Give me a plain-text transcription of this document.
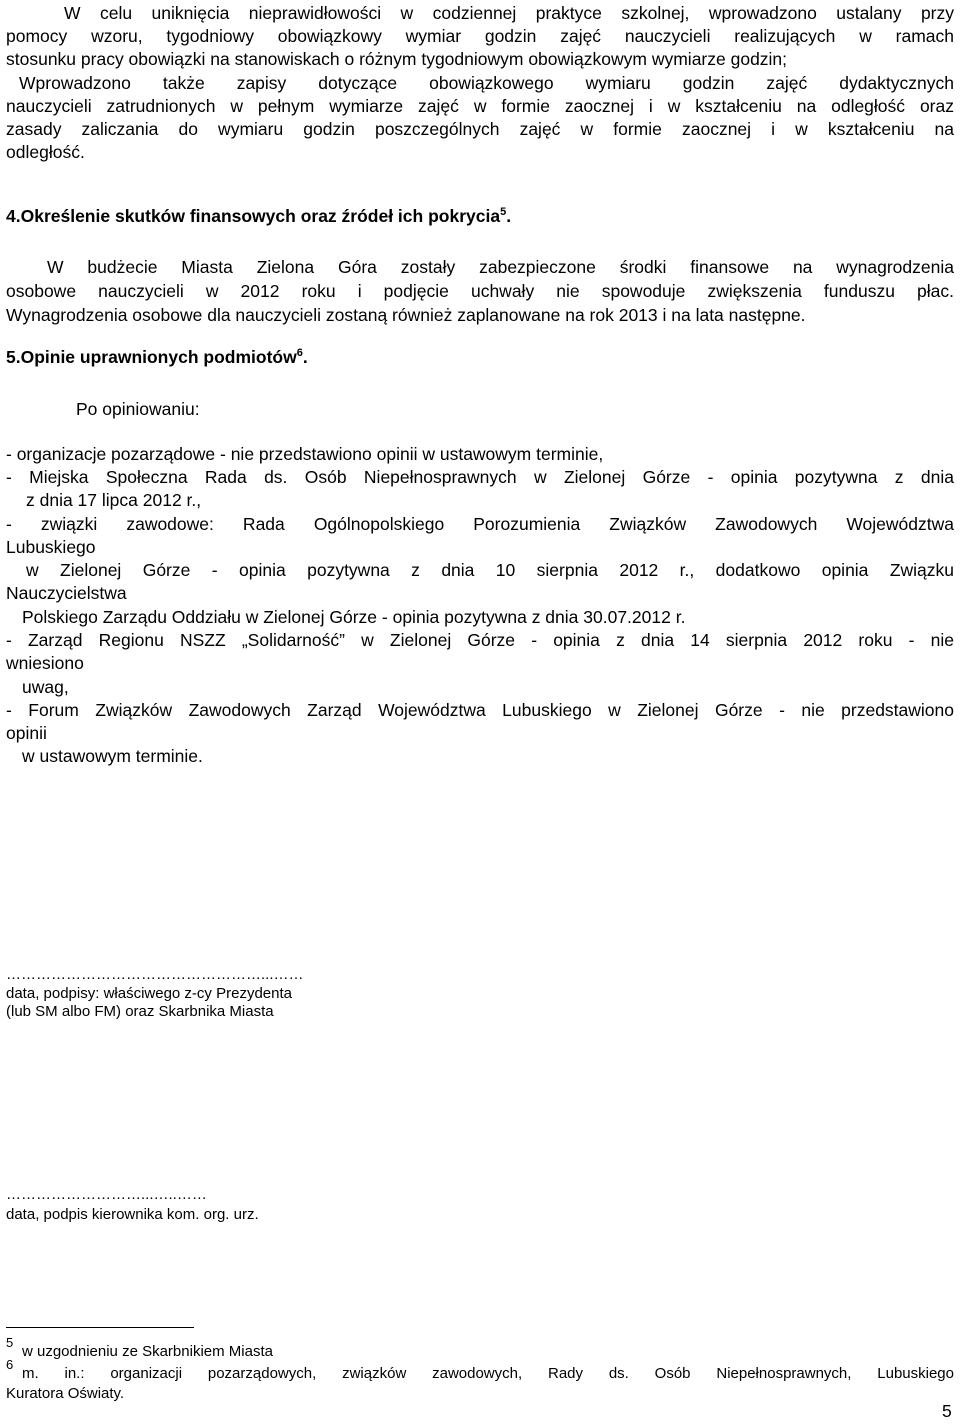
W celu uniknięcia nieprawidłowości w codziennej praktyce szkolnej, wprowadzono ustalany przy
pomocy wzoru, tygodniowy obowiązkowy wymiar godzin zajęć nauczycieli realizujących w ramach
stosunku pracy obowiązki na stanowiskach o różnym tygodniowym obowiązkowym wymiarze godzin;
Wprowadzono także zapisy dotyczące obowiązkowego wymiaru godzin zajęć dydaktycznych
nauczycieli zatrudnionych w pełnym wymiarze zajęć w formie zaocznej i w kształceniu na odległość oraz
zasady zaliczania do wymiaru godzin poszczególnych zajęć w formie zaocznej i w kształceniu na
odległość.
4.Określenie skutków finansowych oraz źródeł ich pokrycia$^5$.
W budżecie Miasta Zielona Góra zostały zabezpieczone środki finansowe na wynagrodzenia
osobowe nauczycieli w 2012 roku i podjęcie uchwały nie spowoduje zwiększenia funduszu płac.
Wynagrodzenia osobowe dla nauczycieli zostaną również zaplanowane na rok 2013 i na lata następne.
5.Opinie uprawnionych podmiotów$^6$.
Po opiniowaniu:
- organizacje pozarządowe - nie przedstawiono opinii w ustawowym terminie,
- Miejska Społeczna Rada ds. Osób Niepełnosprawnych w Zielonej Górze - opinia pozytywna z dnia
z dnia 17 lipca 2012 r.,
- związki zawodowe: Rada Ogólnopolskiego Porozumienia Związków Zawodowych Województwa
Lubuskiego
w Zielonej Górze - opinia pozytywna z dnia 10 sierpnia 2012 r., dodatkowo opinia Związku
Nauczycielstwa
Polskiego Zarządu Oddziału w Zielonej Górze - opinia pozytywna z dnia 30.07.2012 r.
- Zarząd Regionu NSZZ „Solidarność” w Zielonej Górze - opinia z dnia 14 sierpnia 2012 roku - nie
wniesiono
uwag,
- Forum Związków Zawodowych Zarząd Województwa Lubuskiego w Zielonej Górze - nie przedstawiono
opinii
w ustawowym terminie.
……………………………………………...……
data, podpisy: właściwego z-cy Prezydenta
(lub SM albo FM) oraz Skarbnika Miasta
………………………...…..……
data, podpis kierownika kom. org. urz.
5
w uzgodnieniu ze Skarbnikiem Miasta
6
m. in.: organizacji pozarządowych, związków zawodowych, Rady ds. Osób Niepełnosprawnych, Lubuskiego
Kuratora Oświaty.
5
